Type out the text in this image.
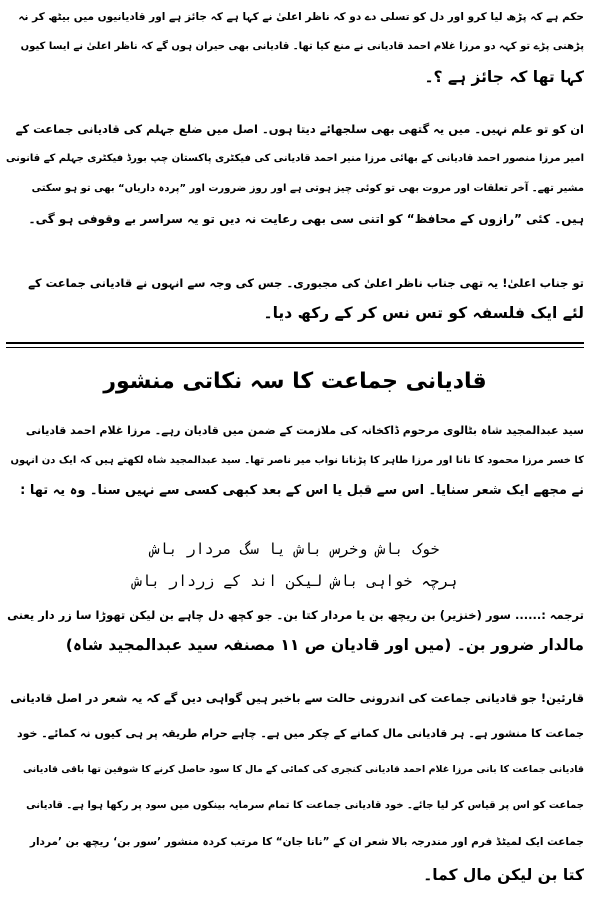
حکم ہے کہ پڑھ لیا کرو اور دل کو تسلی دے دو کہ ناظر اعلیٰ نے کہا ہے کہ جائز ہے اور قادیانیوں میں بیٹھ کر نہ
پڑھنی پڑے تو کہہ دو مرزا غلام احمد قادیانی نے منع کیا تھا۔ قادیانی بھی حیران ہوں گے کہ ناظر اعلیٰ نے ایسا کیوں
کہا تھا کہ جائز ہے ؟۔
ان کو تو علم نہیں۔ میں یہ گتھی بھی سلجھائے دیتا ہوں۔ اصل میں ضلع جہلم کی قادیانی جماعت کے
امیر مرزا منصور احمد قادیانی کے بھائی مرزا منیر احمد قادیانی کی فیکٹری پاکستان چپ بورڈ فیکٹری جہلم کے قانونی
مشیر تھے۔ آخر تعلقات اور مروت بھی تو کوئی چیز ہوتی ہے اور روز ضرورت اور ”پردہ داریاں“ بھی تو ہو سکتی
ہیں۔ کئی ”رازوں کے محافظ“ کو اتنی سی بھی رعایت نہ دیں تو یہ سراسر بے وقوفی ہو گی۔
تو جناب اعلیٰ! یہ تھی جناب ناظر اعلیٰ کی مجبوری۔ جس کی وجہ سے انہوں نے قادیانی جماعت کے
لئے ایک فلسفہ کو تس نس کر کے رکھ دیا۔
قادیانی جماعت کا سہ نکاتی منشور
سید عبدالمجید شاہ بٹالوی مرحوم ڈاکخانہ کی ملازمت کے ضمن میں قادیان رہے۔ مرزا غلام احمد قادیانی
کا خسر مرزا محمود کا نانا اور مرزا طاہر کا پڑنانا نواب میر ناصر تھا۔ سید عبدالمجید شاہ لکھتے ہیں کہ ایک دن انہوں
نے مجھے ایک شعر سنایا۔ اس سے قبل یا اس کے بعد کبھی کسی سے نہیں سنا۔ وہ یہ تھا :
خوک باش وخرس باش یا سگ مردار باش
ہرچہ خواہی باش لیکن اند کے زردار باش
ترجمہ :...... سور (خنزیر) بن ریچھ بن یا مردار کتا بن۔ جو کچھ دل چاہے بن لیکن تھوڑا سا زر دار یعنی
مالدار ضرور بن۔ (میں اور قادیان ص ۱۱ مصنفہ سید عبدالمجید شاہ)
قارئین! جو قادیانی جماعت کی اندرونی حالت سے باخبر ہیں گواہی دیں گے کہ یہ شعر در اصل قادیانی
جماعت کا منشور ہے۔ ہر قادیانی مال کمانے کے چکر میں ہے۔ چاہے حرام طریقہ پر ہی کیوں نہ کمائے۔ خود
قادیانی جماعت کا بانی مرزا غلام احمد قادیانی کنجری کی کمائی کے مال کا سود حاصل کرنے کا شوقین تھا باقی قادیانی
جماعت کو اس پر قیاس کر لیا جائے۔ خود قادیانی جماعت کا تمام سرمایہ بینکوں میں سود پر رکھا ہوا ہے۔ قادیانی
جماعت ایک لمیٹڈ فرم اور مندرجہ بالا شعر ان کے ”نانا جان“ کا مرتب کردہ منشور ’سور بن‘ ریچھ بن ’مردار
کتا بن لیکن مال کما۔
